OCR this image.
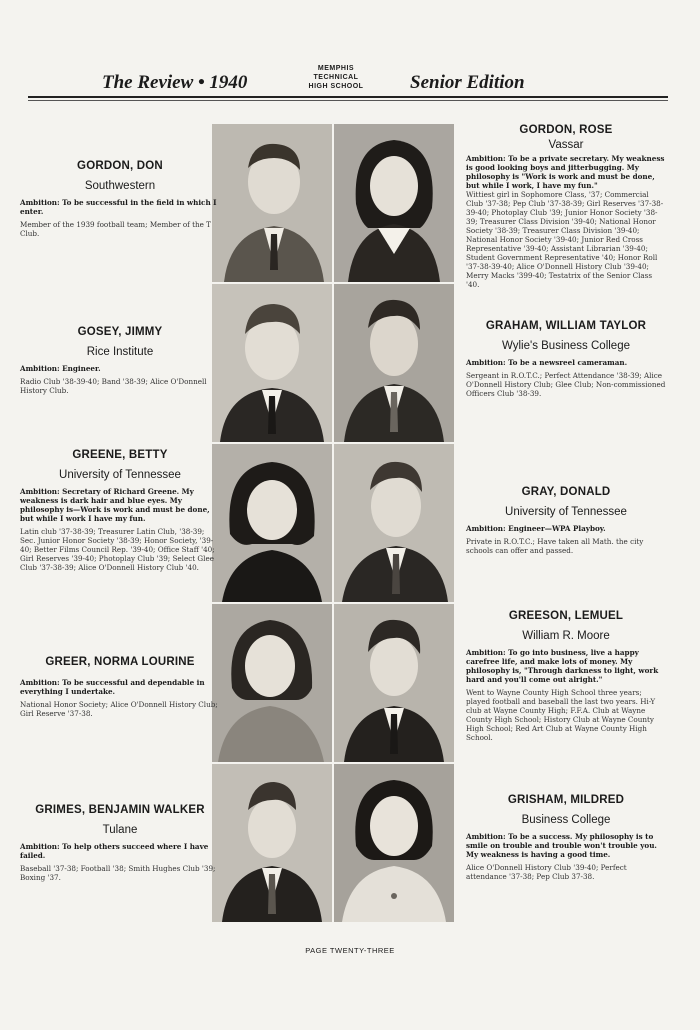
The Review • 1940
MEMPHIS
TECHNICAL
HIGH SCHOOL	Senior Edition
GORDON, DON
Southwestern
Ambition: To be successful in the field in which I enter.
Member of the 1939 football team; Member of the T Club.
GOSEY, JIMMY
Rice Institute
Ambition: Engineer.
Radio Club '38-39-40; Band '38-39; Alice O'Donnell History Club.
GREENE, BETTY
University of Tennessee
Ambition: Secretary of Richard Greene. My weakness is dark hair and blue eyes. My philosophy is—Work is work and must be done, but while I work I have my fun.
Latin club '37-38-39; Treasurer Latin Club, '38-39; Sec. Junior Honor Society '38-39; Honor Society, '39-40; Better Films Council Rep. '39-40; Office Staff '40; Girl Reserves '39-40; Photoplay Club '39; Select Glee Club '37-38-39; Alice O'Donnell History Club '40.
GREER, NORMA LOURINE
Ambition: To be successful and dependable in everything I undertake.
National Honor Society; Alice O'Donnell History Club; Girl Reserve '37-38.
GRIMES, BENJAMIN WALKER
Tulane
Ambition: To help others succeed where I have failed.
Baseball '37-38; Football '38; Smith Hughes Club '39; Boxing '37.
GORDON, ROSE
Vassar
Ambition: To be a private secretary. My weakness is good looking boys and jitterbugging. My philosophy is "Work is work and must be done, but while I work, I have my fun."
Wittiest girl in Sophomore Class, '37; Commercial Club '37-38; Pep Club '37-38-39; Girl Reserves '37-38-39-40; Photoplay Club '39; Junior Honor Society '38-39; Treasurer Class Division '39-40; National Honor Society '38-39; Treasurer Class Division '39-40; National Honor Society '39-40; Junior Red Cross Representative '39-40; Assistant Librarian '39-40; Student Government Representative '40; Honor Roll '37-38-39-40; Alice O'Donnell History Club '39-40; Merry Macks '399-40; Testatrix of the Senior Class '40.
GRAHAM, WILLIAM TAYLOR
Wylie's Business College
Ambition: To be a newsreel cameraman.
Sergeant in R.O.T.C.; Perfect Attendance '38-39; Alice O'Donnell History Club; Glee Club; Non-commissioned Officers Club '38-39.
GRAY, DONALD
University of Tennessee
Ambition: Engineer—WPA Playboy.
Private in R.O.T.C.; Have taken all Math. the city schools can offer and passed.
GREESON, LEMUEL
William R. Moore
Ambition: To go into business, live a happy carefree life, and make lots of money. My philosophy is, "Through darkness to light, work hard and you'll come out alright."
Went to Wayne County High School three years; played football and baseball the last two years. Hi-Y club at Wayne County High; F.F.A. Club at Wayne County High School; History Club at Wayne County High School; Red Art Club at Wayne County High School.
GRISHAM, MILDRED
Business College
Ambition: To be a success. My philosophy is to smile on trouble and trouble won't trouble you. My weakness is having a good time.
Alice O'Donnell History Club '39-40; Perfect attendance '37-38; Pep Club 37-38.
PAGE TWENTY-THREE
